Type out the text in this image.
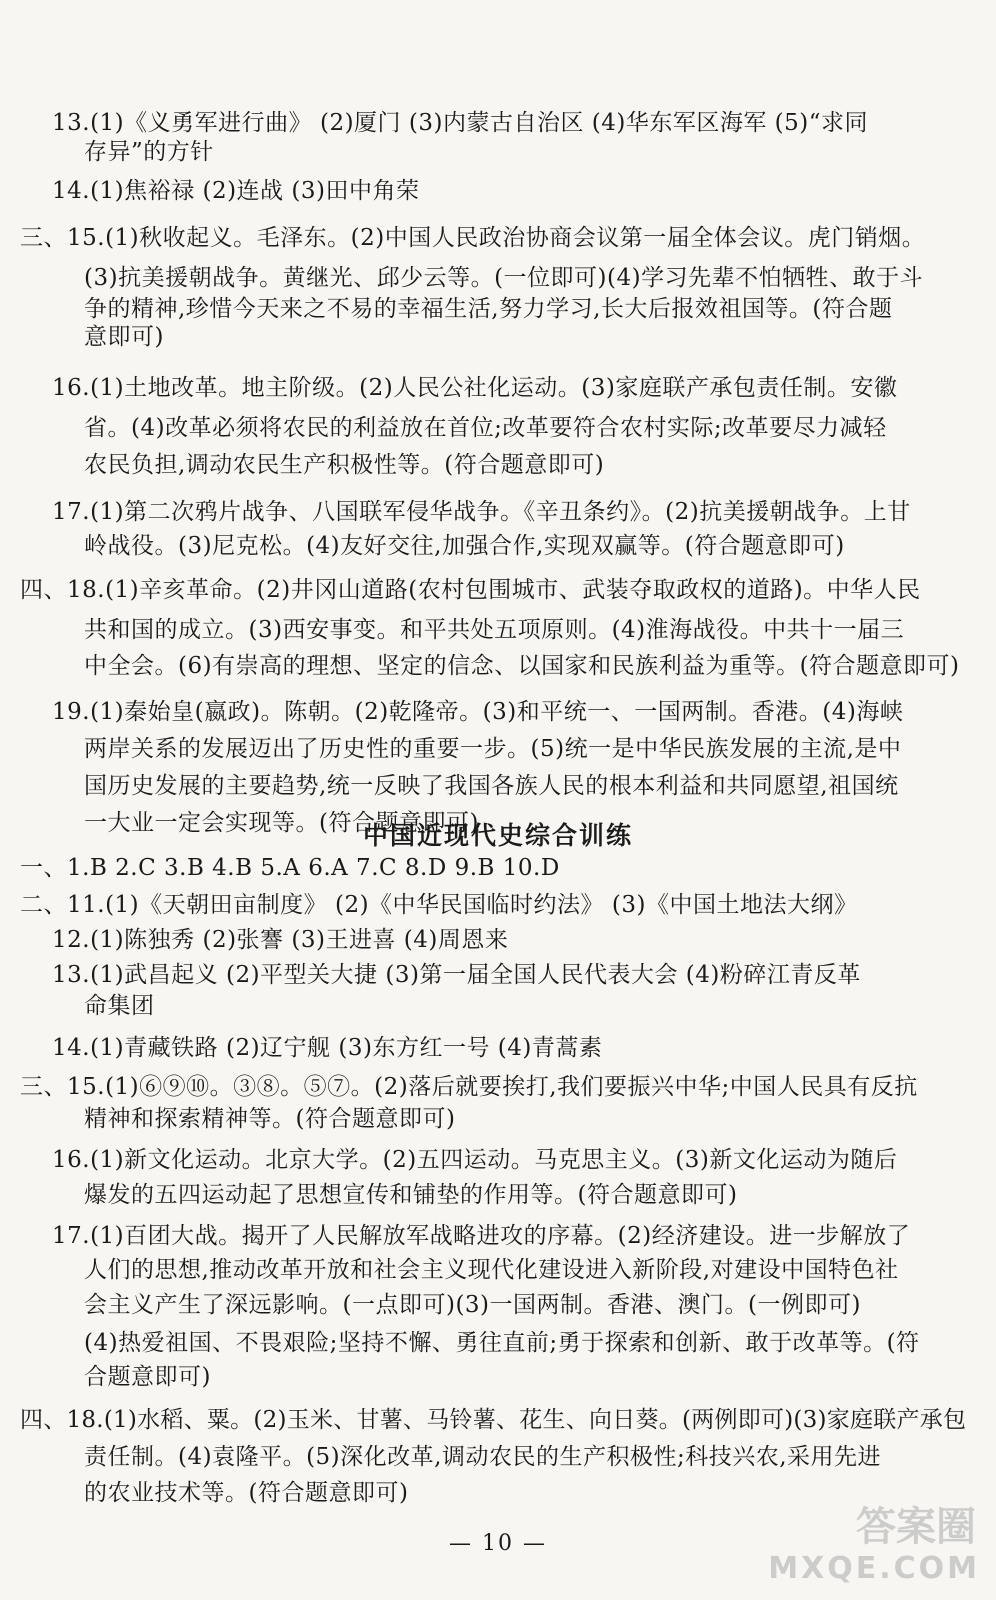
13.(1)《义勇军进行曲》 (2)厦门 (3)内蒙古自治区 (4)华东军区海军 (5)“求同
存异”的方针
14.(1)焦裕禄 (2)连战 (3)田中角荣
三、15.(1)秋收起义。毛泽东。(2)中国人民政治协商会议第一届全体会议。虎门销烟。
(3)抗美援朝战争。黄继光、邱少云等。(一位即可)(4)学习先辈不怕牺牲、敢于斗
争的精神,珍惜今天来之不易的幸福生活,努力学习,长大后报效祖国等。(符合题
意即可)
16.(1)土地改革。地主阶级。(2)人民公社化运动。(3)家庭联产承包责任制。安徽
省。(4)改革必须将农民的利益放在首位;改革要符合农村实际;改革要尽力减轻
农民负担,调动农民生产积极性等。(符合题意即可)
17.(1)第二次鸦片战争、八国联军侵华战争。《辛丑条约》。(2)抗美援朝战争。上甘
岭战役。(3)尼克松。(4)友好交往,加强合作,实现双赢等。(符合题意即可)
四、18.(1)辛亥革命。(2)井冈山道路(农村包围城市、武装夺取政权的道路)。中华人民
共和国的成立。(3)西安事变。和平共处五项原则。(4)淮海战役。中共十一届三
中全会。(6)有崇高的理想、坚定的信念、以国家和民族利益为重等。(符合题意即可)
19.(1)秦始皇(嬴政)。陈朝。(2)乾隆帝。(3)和平统一、一国两制。香港。(4)海峡
两岸关系的发展迈出了历史性的重要一步。(5)统一是中华民族发展的主流,是中
国历史发展的主要趋势,统一反映了我国各族人民的根本利益和共同愿望,祖国统
一大业一定会实现等。(符合题意即可)
中国近现代史综合训练
一、1.B 2.C 3.B 4.B 5.A 6.A 7.C 8.D 9.B 10.D
二、11.(1)《天朝田亩制度》 (2)《中华民国临时约法》 (3)《中国土地法大纲》
12.(1)陈独秀 (2)张謇 (3)王进喜 (4)周恩来
13.(1)武昌起义 (2)平型关大捷 (3)第一届全国人民代表大会 (4)粉碎江青反革
命集团
14.(1)青藏铁路 (2)辽宁舰 (3)东方红一号 (4)青蒿素
三、15.(1)⑥⑨⑩。③⑧。⑤⑦。(2)落后就要挨打,我们要振兴中华;中国人民具有反抗
精神和探索精神等。(符合题意即可)
16.(1)新文化运动。北京大学。(2)五四运动。马克思主义。(3)新文化运动为随后
爆发的五四运动起了思想宣传和铺垫的作用等。(符合题意即可)
17.(1)百团大战。揭开了人民解放军战略进攻的序幕。(2)经济建设。进一步解放了
人们的思想,推动改革开放和社会主义现代化建设进入新阶段,对建设中国特色社
会主义产生了深远影响。(一点即可)(3)一国两制。香港、澳门。(一例即可)
(4)热爱祖国、不畏艰险;坚持不懈、勇往直前;勇于探索和创新、敢于改革等。(符
合题意即可)
四、18.(1)水稻、粟。(2)玉米、甘薯、马铃薯、花生、向日葵。(两例即可)(3)家庭联产承包
责任制。(4)袁隆平。(5)深化改革,调动农民的生产积极性;科技兴农,采用先进
的农业技术等。(符合题意即可)
— 10 —	答案圈
MXQE.COM
